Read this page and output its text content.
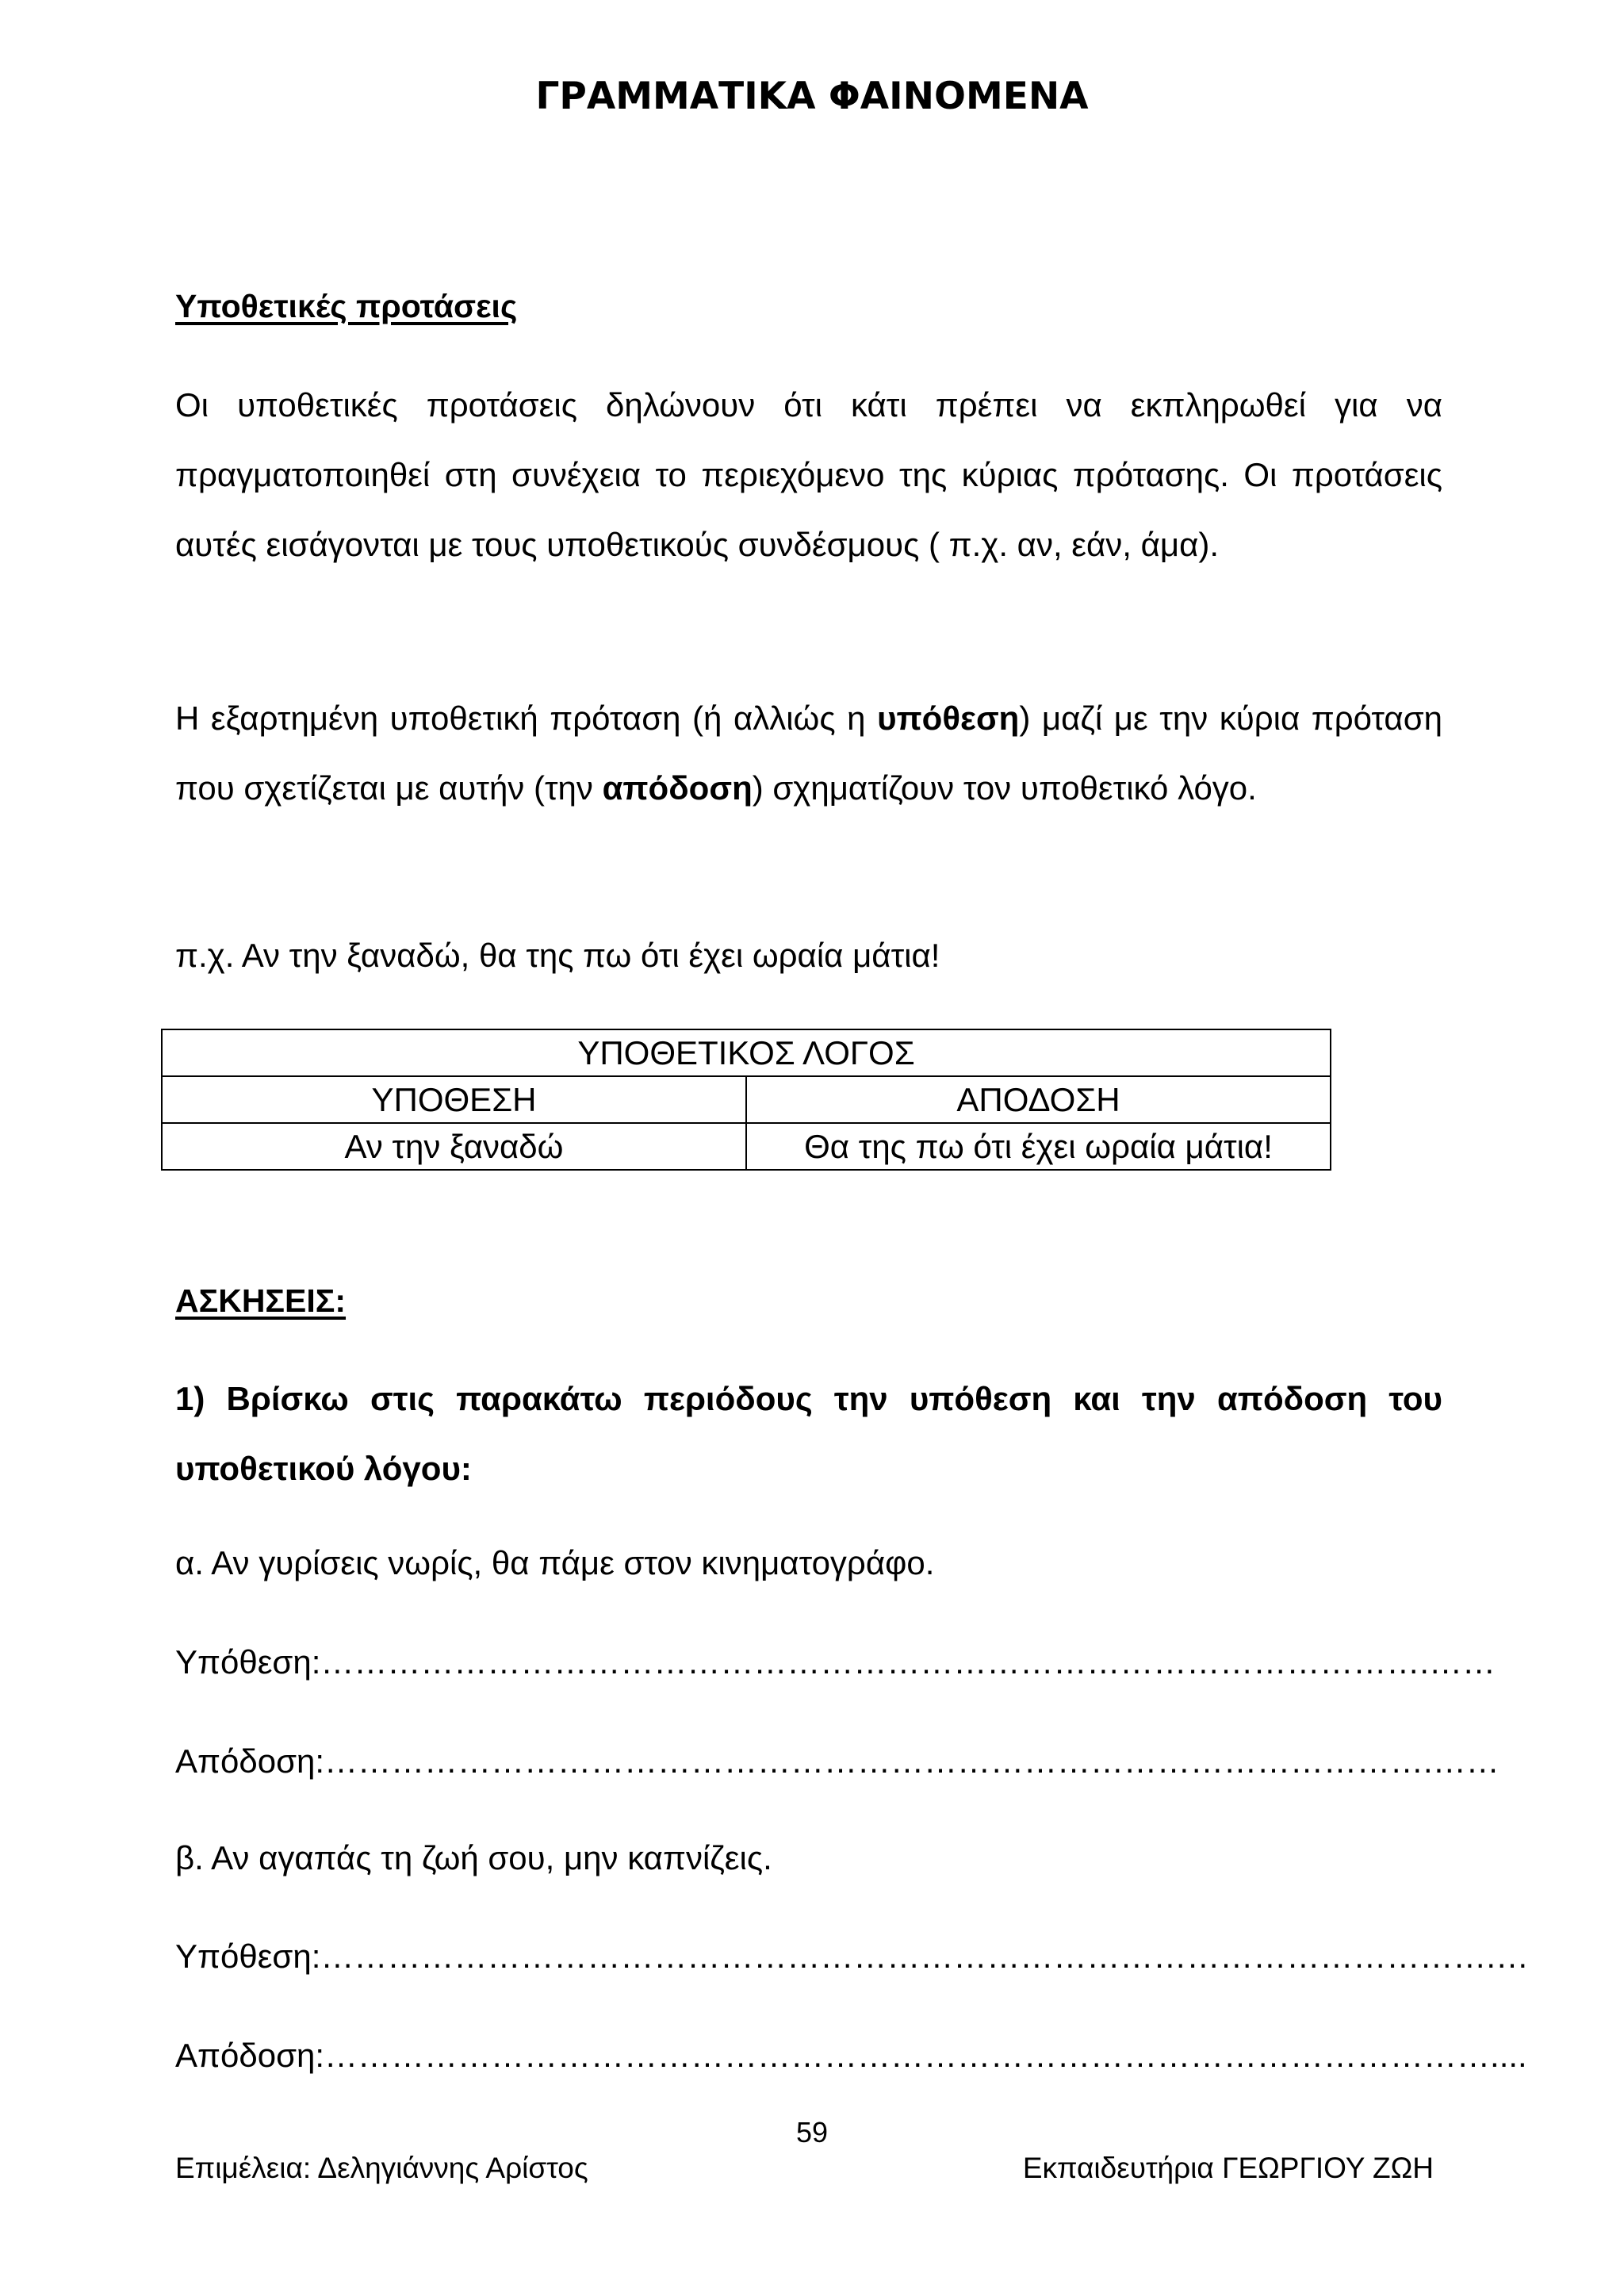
ΓΡΑΜΜΑΤΙΚΑ ΦΑΙΝΟΜΕΝΑ
Υποθετικές προτάσεις
Οι υποθετικές προτάσεις δηλώνουν ότι κάτι πρέπει να εκπληρωθεί για να πραγματοποιηθεί στη συνέχεια το περιεχόμενο της κύριας πρότασης. Οι προτάσεις αυτές εισάγονται με τους υποθετικούς συνδέσμους ( π.χ. αν, εάν, άμα).
Η εξαρτημένη υποθετική πρόταση (ή αλλιώς η υπόθεση) μαζί με την κύρια πρόταση που σχετίζεται με αυτήν (την απόδοση) σχηματίζουν τον υποθετικό λόγο.
π.χ. Αν την ξαναδώ, θα της πω ότι έχει ωραία μάτια!
ΥΠΟΘΕΤΙΚΟΣ ΛΟΓΟΣ	
ΥΠΟΘΕΣΗ	ΑΠΟΔΟΣΗ
Αν την ξαναδώ	Θα της πω ότι έχει ωραία μάτια!
ΑΣΚΗΣΕΙΣ:
1) Βρίσκω στις παρακάτω περιόδους την υπόθεση και την απόδοση του υποθετικού λόγου:
α. Αν γυρίσεις νωρίς, θα πάμε στον κινηματογράφο.
Υπόθεση:……………………………………………………………………………………….……
Απόδοση:……………………………………………………………………………………….……
β. Αν αγαπάς τη ζωή σου, μην καπνίζεις.
Υπόθεση:…………………………………………………………………………………………….…
Απόδοση:……………………………………………………………………………………………....
59
Επιμέλεια: Δεληγιάννης Αρίστος	Εκπαιδευτήρια ΓΕΩΡΓΙΟΥ ΖΩΗ
